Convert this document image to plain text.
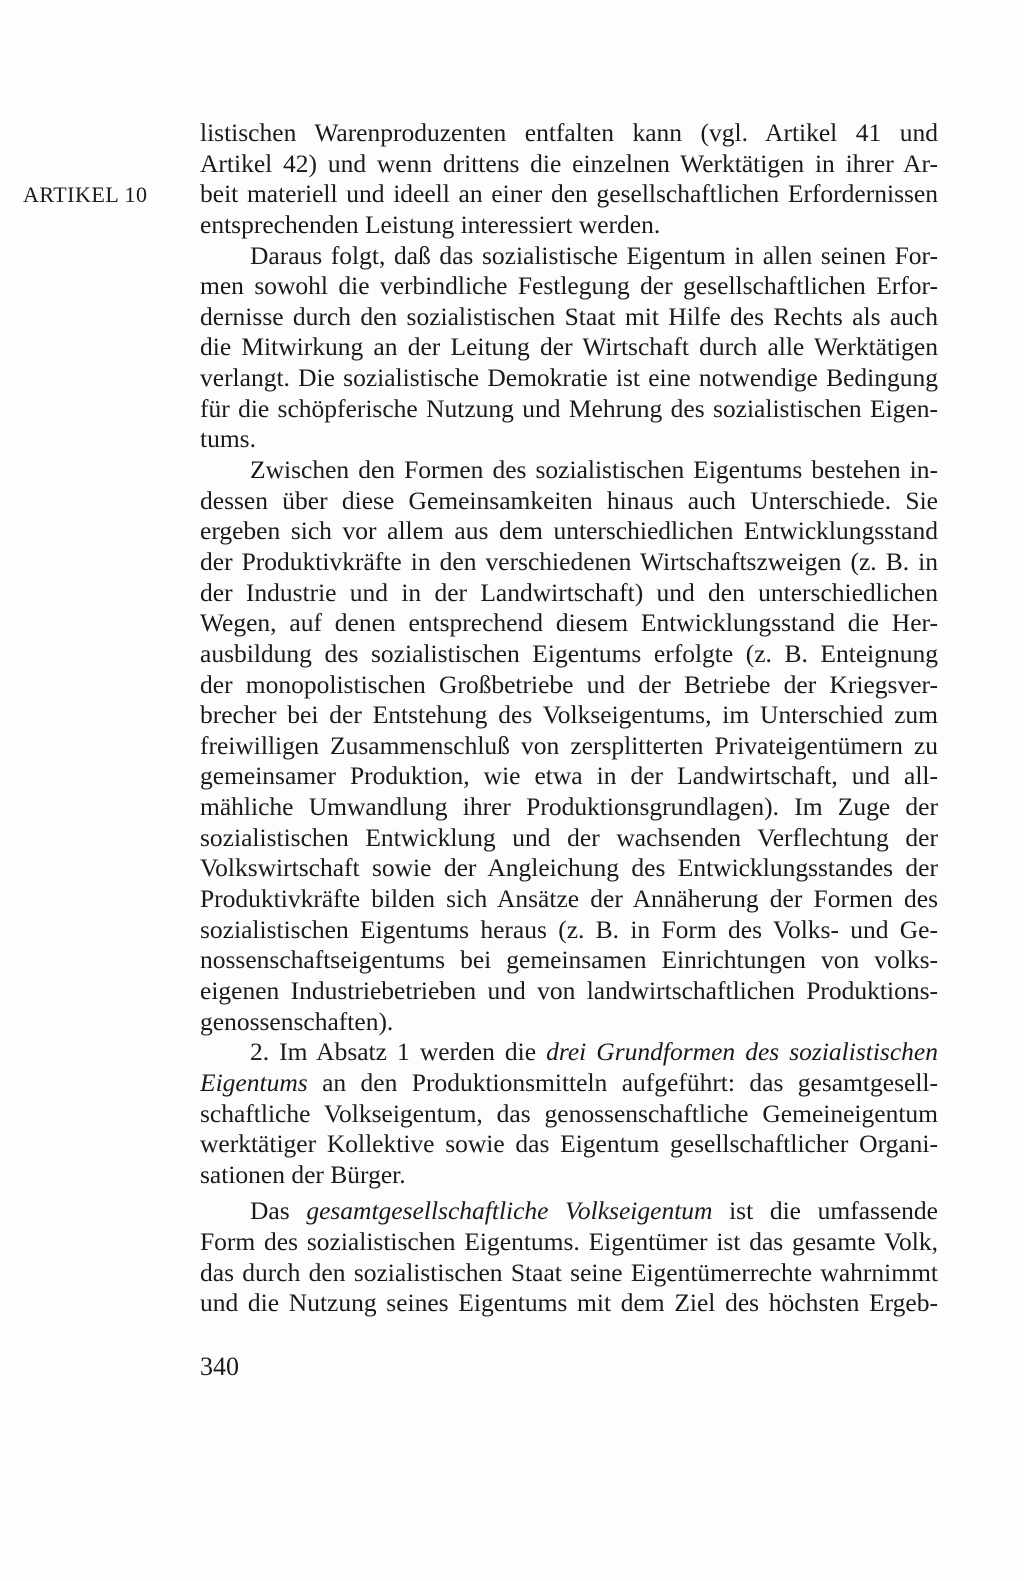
ARTIKEL 10
listischen Warenproduzenten entfalten kann (vgl. Artikel 41 und
Artikel 42) und wenn drittens die einzelnen Werktätigen in ihrer Ar-
beit materiell und ideell an einer den gesellschaftlichen Erfordernissen
entsprechenden Leistung interessiert werden.
Daraus folgt, daß das sozialistische Eigentum in allen seinen For-
men sowohl die verbindliche Festlegung der gesellschaftlichen Erfor-
dernisse durch den sozialistischen Staat mit Hilfe des Rechts als auch
die Mitwirkung an der Leitung der Wirtschaft durch alle Werktätigen
verlangt. Die sozialistische Demokratie ist eine notwendige Bedingung
für die schöpferische Nutzung und Mehrung des sozialistischen Eigen-
tums.
Zwischen den Formen des sozialistischen Eigentums bestehen in-
dessen über diese Gemeinsamkeiten hinaus auch Unterschiede. Sie
ergeben sich vor allem aus dem unterschiedlichen Entwicklungsstand
der Produktivkräfte in den verschiedenen Wirtschaftszweigen (z. B. in
der Industrie und in der Landwirtschaft) und den unterschiedlichen
Wegen, auf denen entsprechend diesem Entwicklungsstand die Her-
ausbildung des sozialistischen Eigentums erfolgte (z. B. Enteignung
der monopolistischen Großbetriebe und der Betriebe der Kriegsver-
brecher bei der Entstehung des Volkseigentums, im Unterschied zum
freiwilligen Zusammenschluß von zersplitterten Privateigentümern zu
gemeinsamer Produktion, wie etwa in der Landwirtschaft, und all-
mähliche Umwandlung ihrer Produktionsgrundlagen). Im Zuge der
sozialistischen Entwicklung und der wachsenden Verflechtung der
Volkswirtschaft sowie der Angleichung des Entwicklungsstandes der
Produktivkräfte bilden sich Ansätze der Annäherung der Formen des
sozialistischen Eigentums heraus (z. B. in Form des Volks- und Ge-
nossenschaftseigentums bei gemeinsamen Einrichtungen von volks-
eigenen Industriebetrieben und von landwirtschaftlichen Produktions-
genossenschaften).
2. Im Absatz 1 werden die drei Grundformen des sozialistischen
Eigentums an den Produktionsmitteln aufgeführt: das gesamtgesell-
schaftliche Volkseigentum, das genossenschaftliche Gemeineigentum
werktätiger Kollektive sowie das Eigentum gesellschaftlicher Organi-
sationen der Bürger.
Das gesamtgesellschaftliche Volkseigentum ist die umfassende
Form des sozialistischen Eigentums. Eigentümer ist das gesamte Volk,
das durch den sozialistischen Staat seine Eigentümerrechte wahrnimmt
und die Nutzung seines Eigentums mit dem Ziel des höchsten Ergeb-
340
